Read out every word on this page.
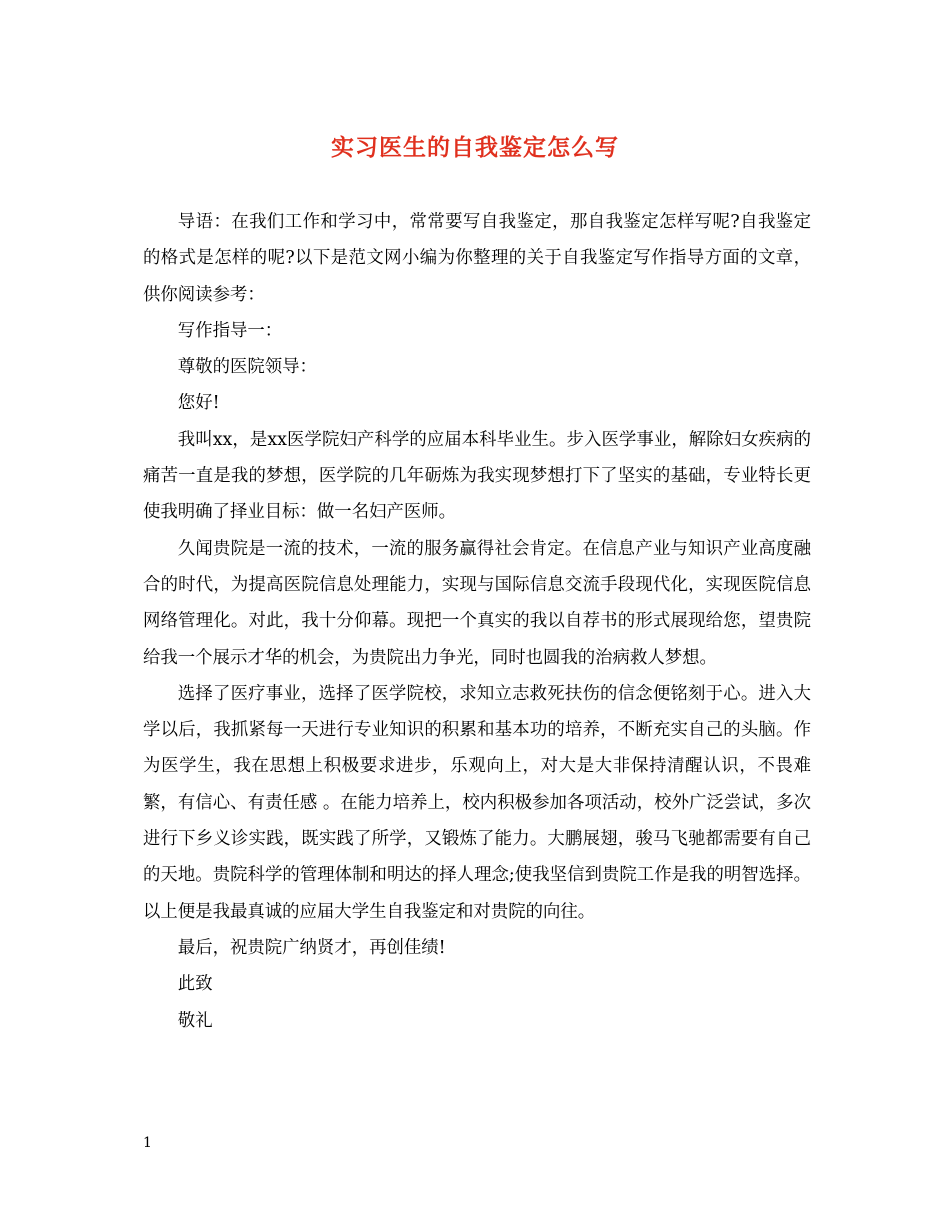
实习医生的自我鉴定怎么写

导语：在我们工作和学习中，常常要写自我鉴定，那自我鉴定怎样写呢?自我鉴定的格式是怎样的呢?以下是范文网小编为你整理的关于自我鉴定写作指导方面的文章，供你阅读参考：

写作指导一：

尊敬的医院领导：

您好!

我叫xx，是xx医学院妇产科学的应届本科毕业生。步入医学事业，解除妇女疾病的痛苦一直是我的梦想，医学院的几年砺炼为我实现梦想打下了坚实的基础，专业特长更使我明确了择业目标：做一名妇产医师。

久闻贵院是一流的技术，一流的服务赢得社会肯定。在信息产业与知识产业高度融合的时代，为提高医院信息处理能力，实现与国际信息交流手段现代化，实现医院信息网络管理化。对此，我十分仰幕。现把一个真实的我以自荐书的形式展现给您，望贵院给我一个展示才华的机会，为贵院出力争光，同时也圆我的治病救人梦想。

选择了医疗事业，选择了医学院校，求知立志救死扶伤的信念便铭刻于心。进入大学以后，我抓紧每一天进行专业知识的积累和基本功的培养，不断充实自己的头脑。作为医学生，我在思想上积极要求进步，乐观向上，对大是大非保持清醒认识，不畏难繁，有信心、有责任感 。在能力培养上，校内积极参加各项活动，校外广泛尝试，多次进行下乡义诊实践，既实践了所学，又锻炼了能力。大鹏展翅，骏马飞驰都需要有自己的天地。贵院科学的管理体制和明达的择人理念;使我坚信到贵院工作是我的明智选择。 以上便是我最真诚的应届大学生自我鉴定和对贵院的向往。

最后，祝贵院广纳贤才，再创佳绩!

此致

敬礼

1
